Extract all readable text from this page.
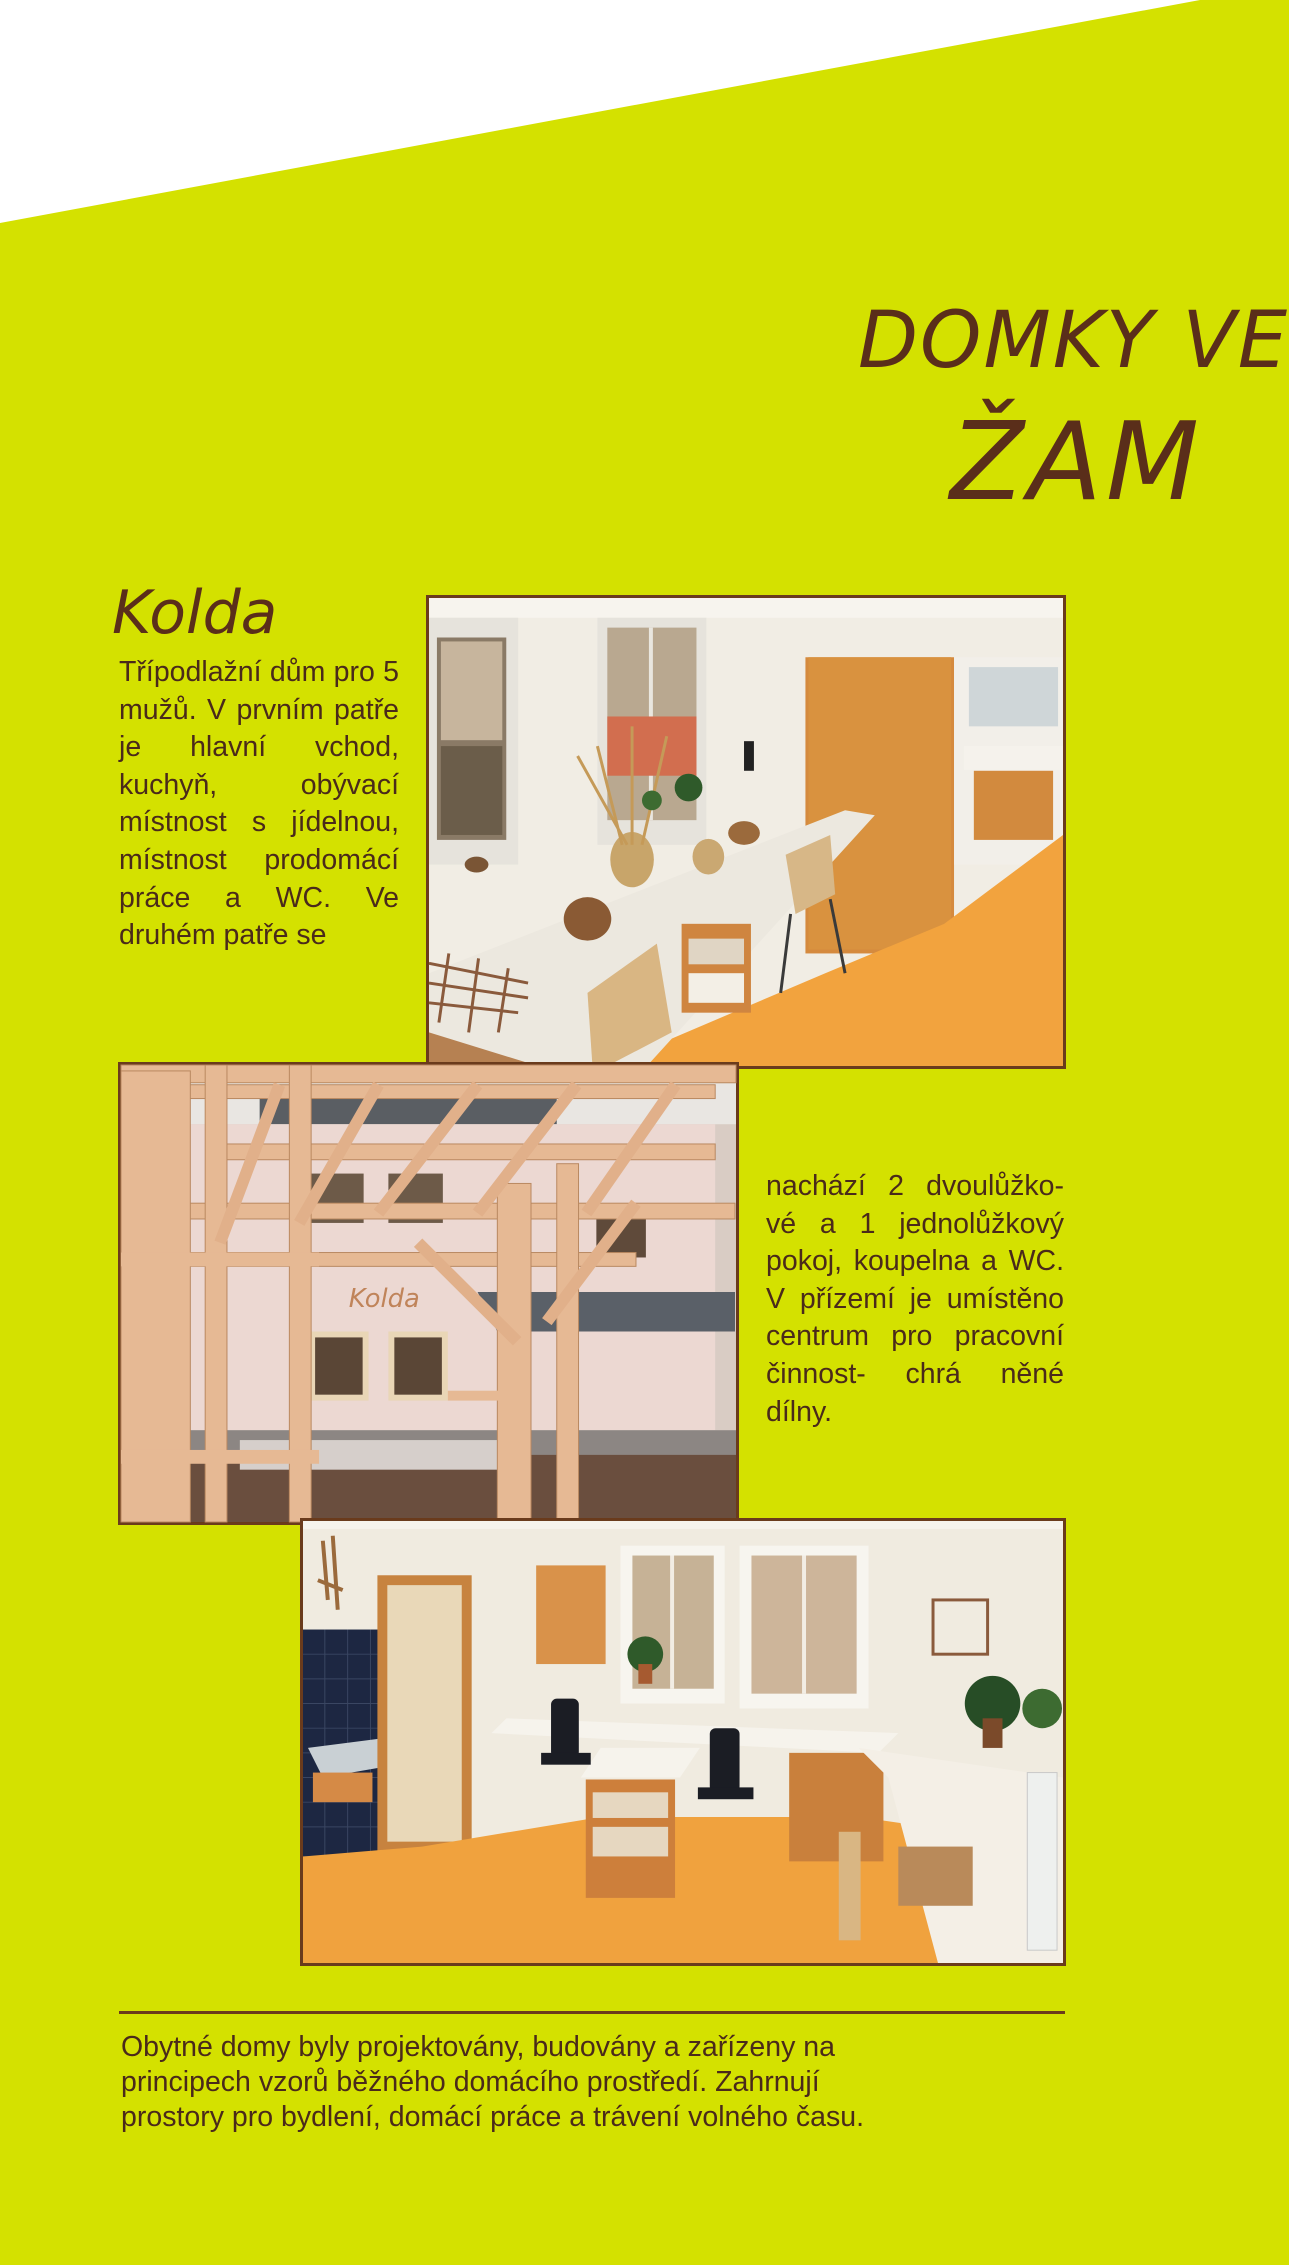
DOMKY VE
ŽAM
Kolda
Třípodlažní dům pro 5 mužů. V prvním patře je hlavní vchod, kuchyň, obývací místnost s jídelnou, místnost prodomácí práce a WC. Ve druhém patře se
Kolda
nachází 2 dvoulůžko-vé a 1 jednolůžkový pokoj, koupelna a WC. V přízemí je umístěno centrum pro pracovní činnost- chrá něné dílny.
Obytné domy byly projektovány, budovány a zařízeny na principech vzorů běžného domácího prostředí. Zahrnují prostory pro bydlení, domácí práce a trávení volného času.
